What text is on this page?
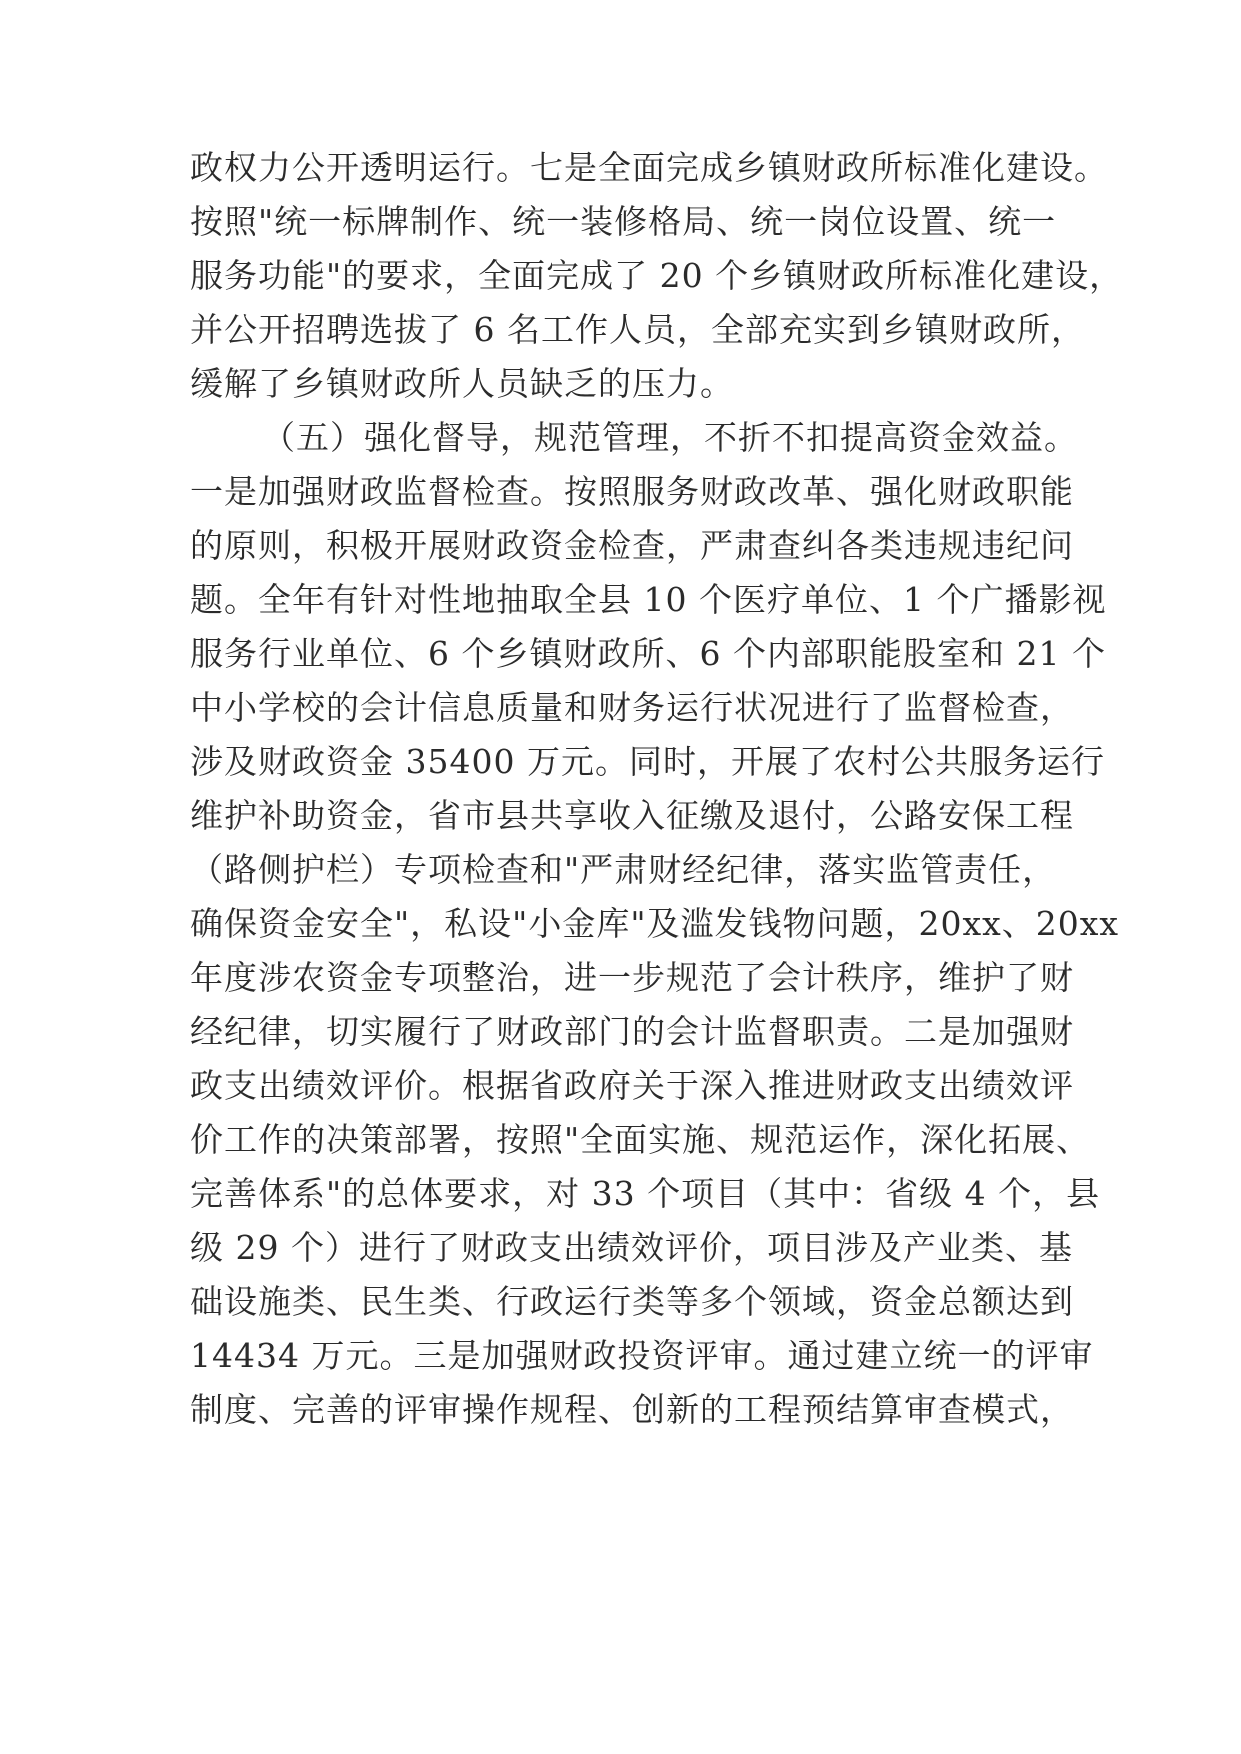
政权力公开透明运行。七是全面完成乡镇财政所标准化建设。
按照"统一标牌制作、统一装修格局、统一岗位设置、统一
服务功能"的要求，全面完成了 20 个乡镇财政所标准化建设，
并公开招聘选拔了 6 名工作人员，全部充实到乡镇财政所，
缓解了乡镇财政所人员缺乏的压力。
（五）强化督导，规范管理，不折不扣提高资金效益。
一是加强财政监督检查。按照服务财政改革、强化财政职能
的原则，积极开展财政资金检查，严肃查纠各类违规违纪问
题。全年有针对性地抽取全县 10 个医疗单位、1 个广播影视
服务行业单位、6 个乡镇财政所、6 个内部职能股室和 21 个
中小学校的会计信息质量和财务运行状况进行了监督检查，
涉及财政资金 35400 万元。同时，开展了农村公共服务运行
维护补助资金，省市县共享收入征缴及退付，公路安保工程
（路侧护栏）专项检查和"严肃财经纪律，落实监管责任，
确保资金安全"，私设"小金库"及滥发钱物问题，20xx、20xx
年度涉农资金专项整治，进一步规范了会计秩序，维护了财
经纪律，切实履行了财政部门的会计监督职责。二是加强财
政支出绩效评价。根据省政府关于深入推进财政支出绩效评
价工作的决策部署，按照"全面实施、规范运作，深化拓展、
完善体系"的总体要求，对 33 个项目（其中：省级 4 个，县
级 29 个）进行了财政支出绩效评价，项目涉及产业类、基
础设施类、民生类、行政运行类等多个领域，资金总额达到
14434 万元。三是加强财政投资评审。通过建立统一的评审
制度、完善的评审操作规程、创新的工程预结算审查模式，
